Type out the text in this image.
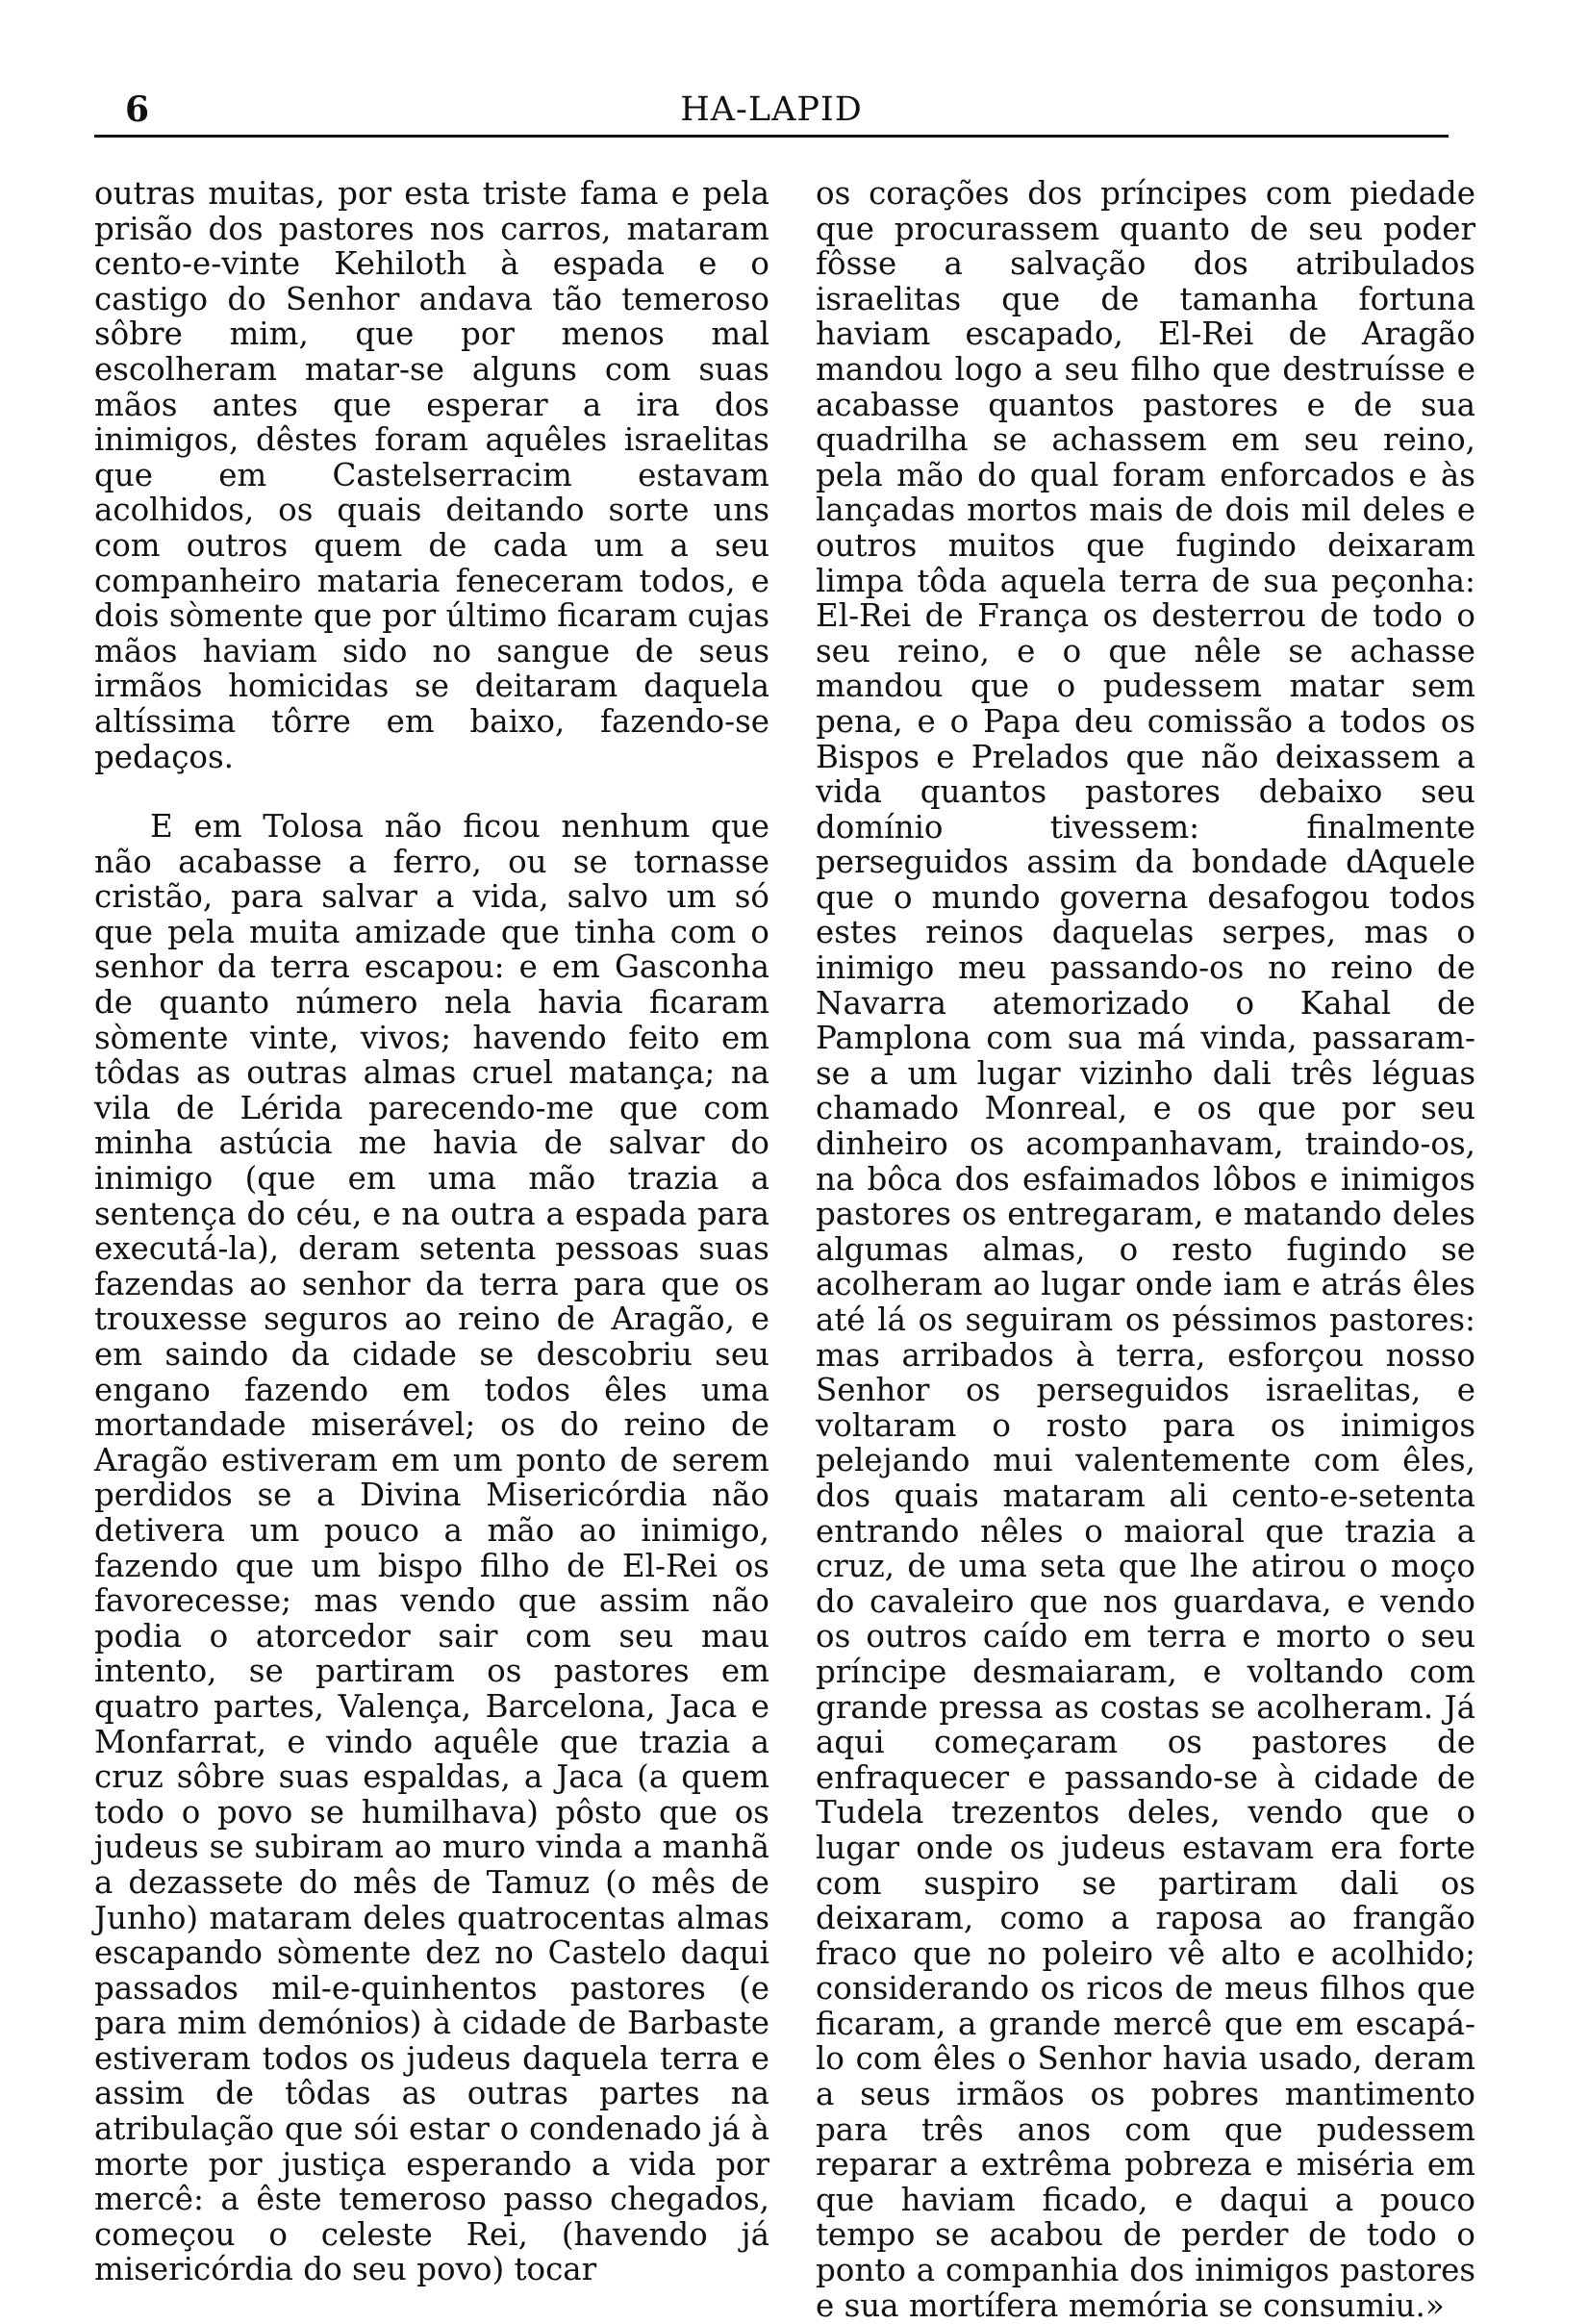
6	HA-LAPID

outras muitas, por esta triste fama e pela prisão dos pastores nos carros, mataram cento-e-vinte Kehiloth à espada e o castigo do Senhor andava tão temeroso sôbre mim, que por menos mal escolheram matar-se alguns com suas mãos antes que esperar a ira dos inimigos, dêstes foram aquêles israelitas que em Castelserracim estavam acolhidos, os quais deitando sorte uns com outros quem de cada um a seu companheiro mataria feneceram todos, e dois sòmente que por último ficaram cujas mãos haviam sido no sangue de seus irmãos homicidas se deitaram daquela altíssima tôrre em baixo, fazendo-se pedaços.

E em Tolosa não ficou nenhum que não acabasse a ferro, ou se tornasse cristão, para salvar a vida, salvo um só que pela muita amizade que tinha com o senhor da terra escapou: e em Gasconha de quanto número nela havia ficaram sòmente vinte, vivos; havendo feito em tôdas as outras almas cruel matança; na vila de Lérida parecendo-me que com minha astúcia me havia de salvar do inimigo (que em uma mão trazia a sentença do céu, e na outra a espada para executá-la), deram setenta pessoas suas fazendas ao senhor da terra para que os trouxesse seguros ao reino de Aragão, e em saindo da cidade se descobriu seu engano fazendo em todos êles uma mortandade miserável; os do reino de Aragão estiveram em um ponto de serem perdidos se a Divina Misericórdia não detivera um pouco a mão ao inimigo, fazendo que um bispo filho de El-Rei os favorecesse; mas vendo que assim não podia o atorcedor sair com seu mau intento, se partiram os pastores em quatro partes, Valença, Barcelona, Jaca e Monfarrat, e vindo aquêle que trazia a cruz sôbre suas espaldas, a Jaca (a quem todo o povo se humilhava) pôsto que os judeus se subiram ao muro vinda a manhã a dezassete do mês de Tamuz (o mês de Junho) mataram deles quatrocentas almas escapando sòmente dez no Castelo daqui passados mil-e-quinhentos pastores (e para mim demónios) à cidade de Barbaste estiveram todos os judeus daquela terra e assim de tôdas as outras partes na atribulação que sói estar o condenado já à morte por justiça esperando a vida por mercê: a êste temeroso passo chegados, começou o celeste Rei, (havendo já misericórdia do seu povo) tocar

os corações dos príncipes com piedade que procurassem quanto de seu poder fôsse a salvação dos atribulados israelitas que de tamanha fortuna haviam escapado, El-Rei de Aragão mandou logo a seu filho que destruísse e acabasse quantos pastores e de sua quadrilha se achassem em seu reino, pela mão do qual foram enforcados e às lançadas mortos mais de dois mil deles e outros muitos que fugindo deixaram limpa tôda aquela terra de sua peçonha: El-Rei de França os desterrou de todo o seu reino, e o que nêle se achasse mandou que o pudessem matar sem pena, e o Papa deu comissão a todos os Bispos e Prelados que não deixassem a vida quantos pastores debaixo seu domínio tivessem: finalmente perseguidos assim da bondade dAquele que o mundo governa desafogou todos estes reinos daquelas serpes, mas o inimigo meu passando-os no reino de Navarra atemorizado o Kahal de Pamplona com sua má vinda, passaram-se a um lugar vizinho dali três léguas chamado Monreal, e os que por seu dinheiro os acompanhavam, traindo-os, na bôca dos esfaimados lôbos e inimigos pastores os entregaram, e matando deles algumas almas, o resto fugindo se acolheram ao lugar onde iam e atrás êles até lá os seguiram os péssimos pastores: mas arribados à terra, esforçou nosso Senhor os perseguidos israelitas, e voltaram o rosto para os inimigos pelejando mui valentemente com êles, dos quais mataram ali cento-e-setenta entrando nêles o maioral que trazia a cruz, de uma seta que lhe atirou o moço do cavaleiro que nos guardava, e vendo os outros caído em terra e morto o seu príncipe desmaiaram, e voltando com grande pressa as costas se acolheram. Já aqui começaram os pastores de enfraquecer e passando-se à cidade de Tudela trezentos deles, vendo que o lugar onde os judeus estavam era forte com suspiro se partiram dali os deixaram, como a raposa ao frangão fraco que no poleiro vê alto e acolhido; considerando os ricos de meus filhos que ficaram, a grande mercê que em escapá-lo com êles o Senhor havia usado, deram a seus irmãos os pobres mantimento para três anos com que pudessem reparar a extrêma pobreza e miséria em que haviam ficado, e daqui a pouco tempo se acabou de perder de todo o ponto a companhia dos inimigos pastores e sua mortífera memória se consumiu.»
